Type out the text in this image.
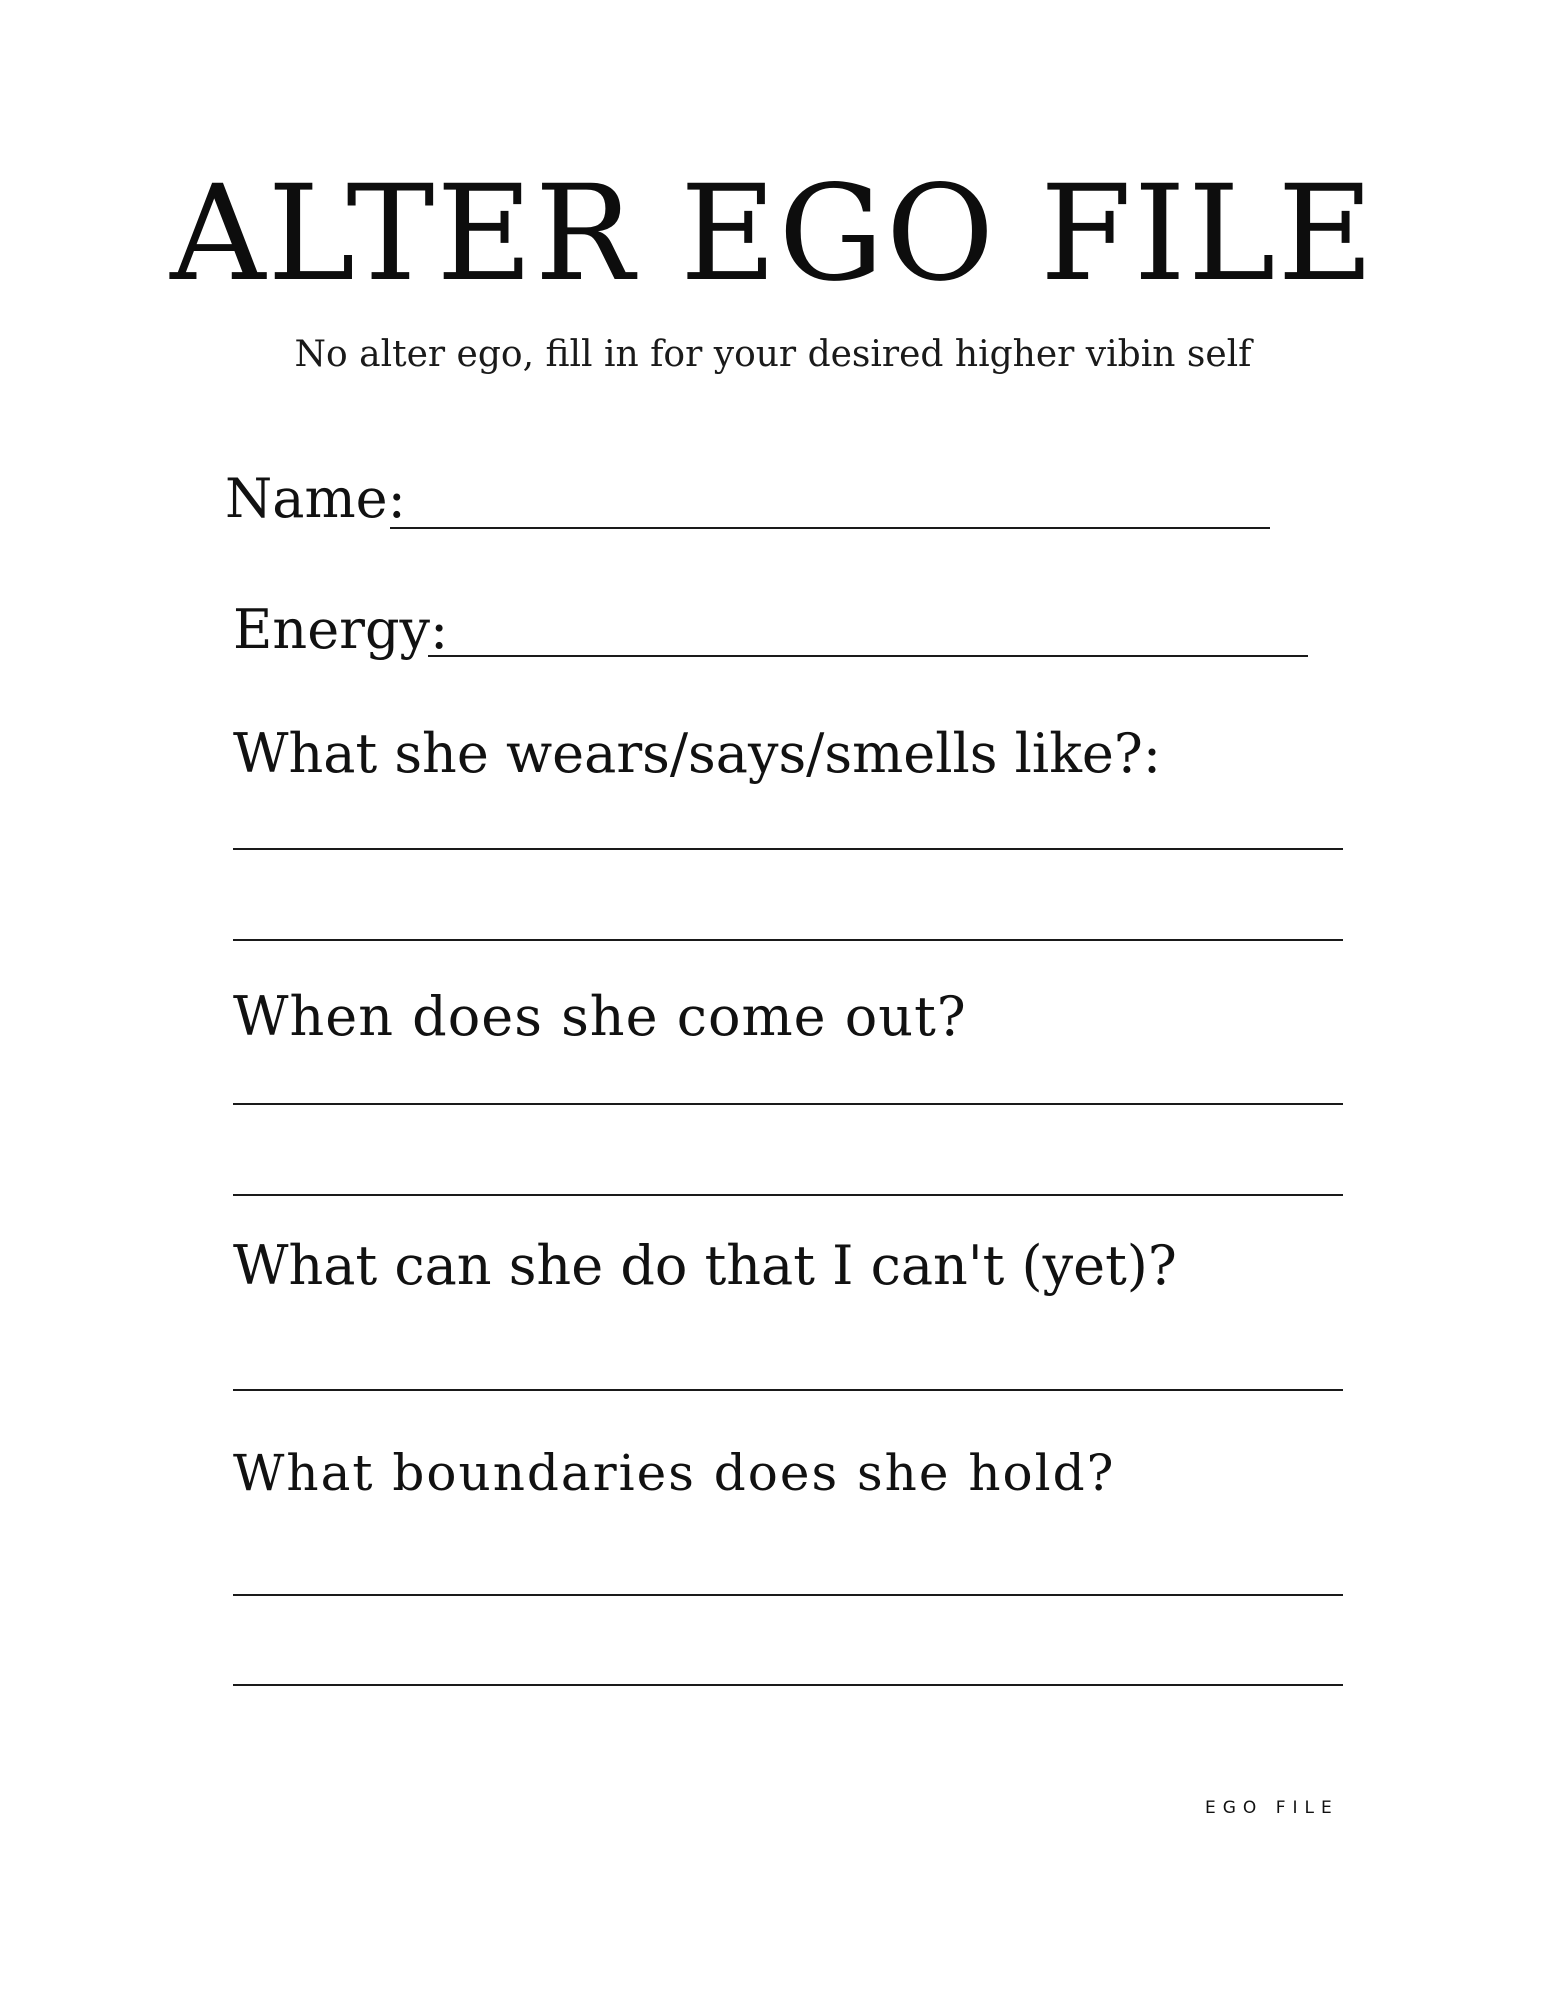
ALTER EGO FILE
No alter ego, fill in for your desired higher vibin self
Name:
Energy:
What she wears/says/smells like?:
When does she come out?
What can she do that I can't (yet)?
What boundaries does she hold?
EGO FILE
